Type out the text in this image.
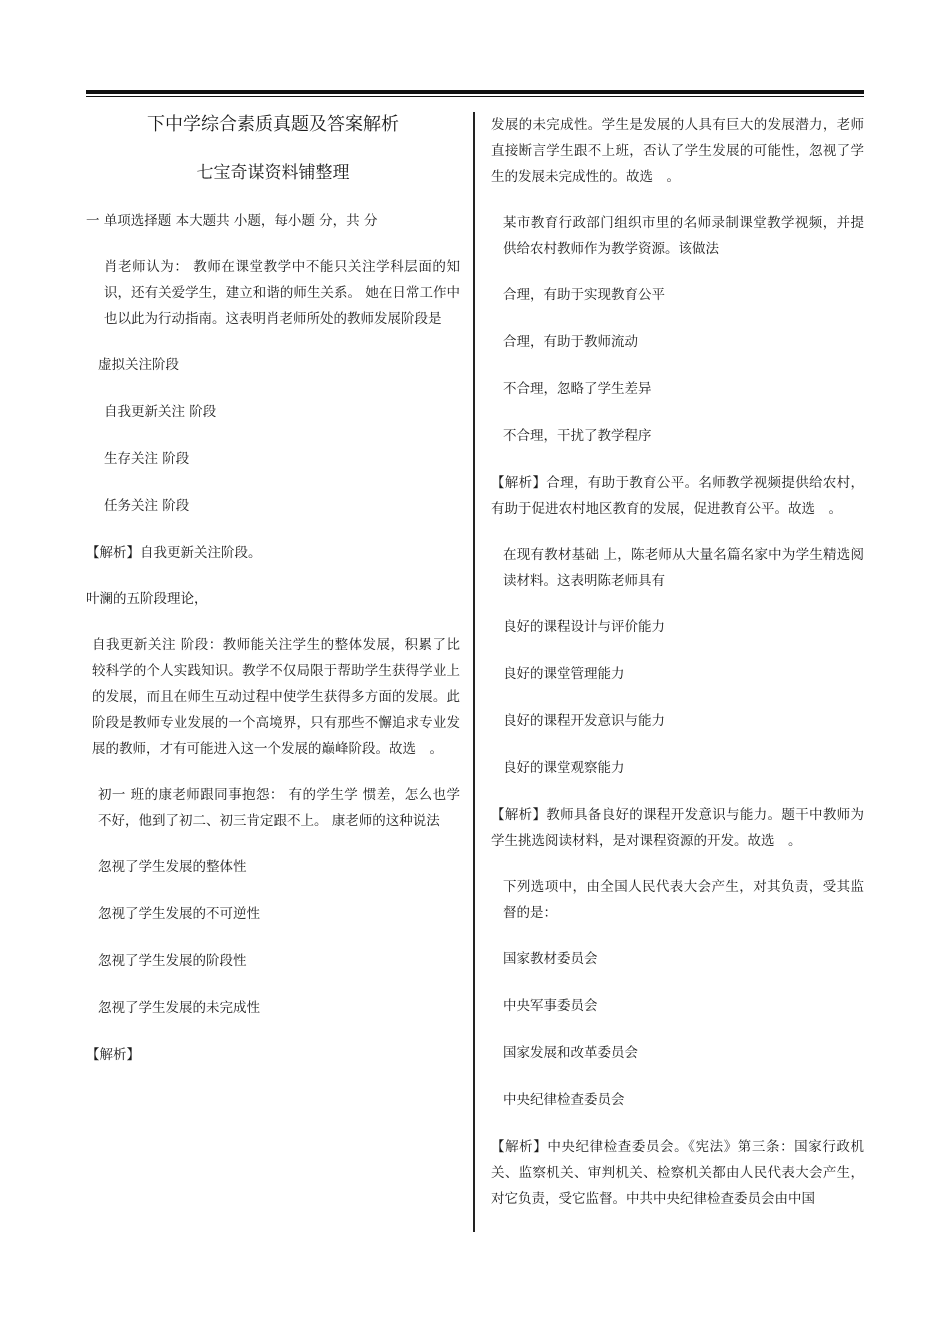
下中学综合素质真题及答案解析
七宝奇谋资料铺整理

一 单项选择题 本大题共 小题，每小题 分，共 分

肖老师认为： 教师在课堂教学中不能只关注学科层面的知识，还有关爱学生，建立和谐的师生关系。 她在日常工作中也以此为行动指南。这表明肖老师所处的教师发展阶段是

虚拟关注阶段
自我更新关注 阶段
生存关注 阶段
任务关注 阶段

【解析】自我更新关注阶段。

叶澜的五阶段理论，

自我更新关注 阶段：教师能关注学生的整体发展，积累了比较科学的个人实践知识。教学不仅局限于帮助学生获得学业上的发展，而且在师生互动过程中使学生获得多方面的发展。此阶段是教师专业发展的一个高境界，只有那些不懈追求专业发展的教师，才有可能进入这一个发展的巅峰阶段。故选　。

初一 班的康老师跟同事抱怨： 有的学生学 惯差，怎么也学不好，他到了初二、初三肯定跟不上。 康老师的这种说法

忽视了学生发展的整体性
忽视了学生发展的不可逆性
忽视了学生发展的阶段性
忽视了学生发展的未完成性

【解析】

发展的未完成性。学生是发展的人具有巨大的发展潜力，老师直接断言学生跟不上班，否认了学生发展的可能性，忽视了学生的发展未完成性的。故选　。

某市教育行政部门组织市里的名师录制课堂教学视频，并提供给农村教师作为教学资源。该做法

合理，有助于实现教育公平
合理，有助于教师流动
不合理，忽略了学生差异
不合理，干扰了教学程序

【解析】合理，有助于教育公平。名师教学视频提供给农村，有助于促进农村地区教育的发展，促进教育公平。故选　。

在现有教材基础 上，陈老师从大量名篇名家中为学生精选阅读材料。这表明陈老师具有

良好的课程设计与评价能力
良好的课堂管理能力
良好的课程开发意识与能力
良好的课堂观察能力

【解析】教师具备良好的课程开发意识与能力。题干中教师为学生挑选阅读材料，是对课程资源的开发。故选　。

下列选项中，由全国人民代表大会产生，对其负责，受其监督的是：

国家教材委员会
中央军事委员会
国家发展和改革委员会
中央纪律检查委员会

【解析】中央纪律检查委员会。《宪法》第三条：国家行政机关、监察机关、审判机关、检察机关都由人民代表大会产生，对它负责，受它监督。中共中央纪律检查委员会由中国
